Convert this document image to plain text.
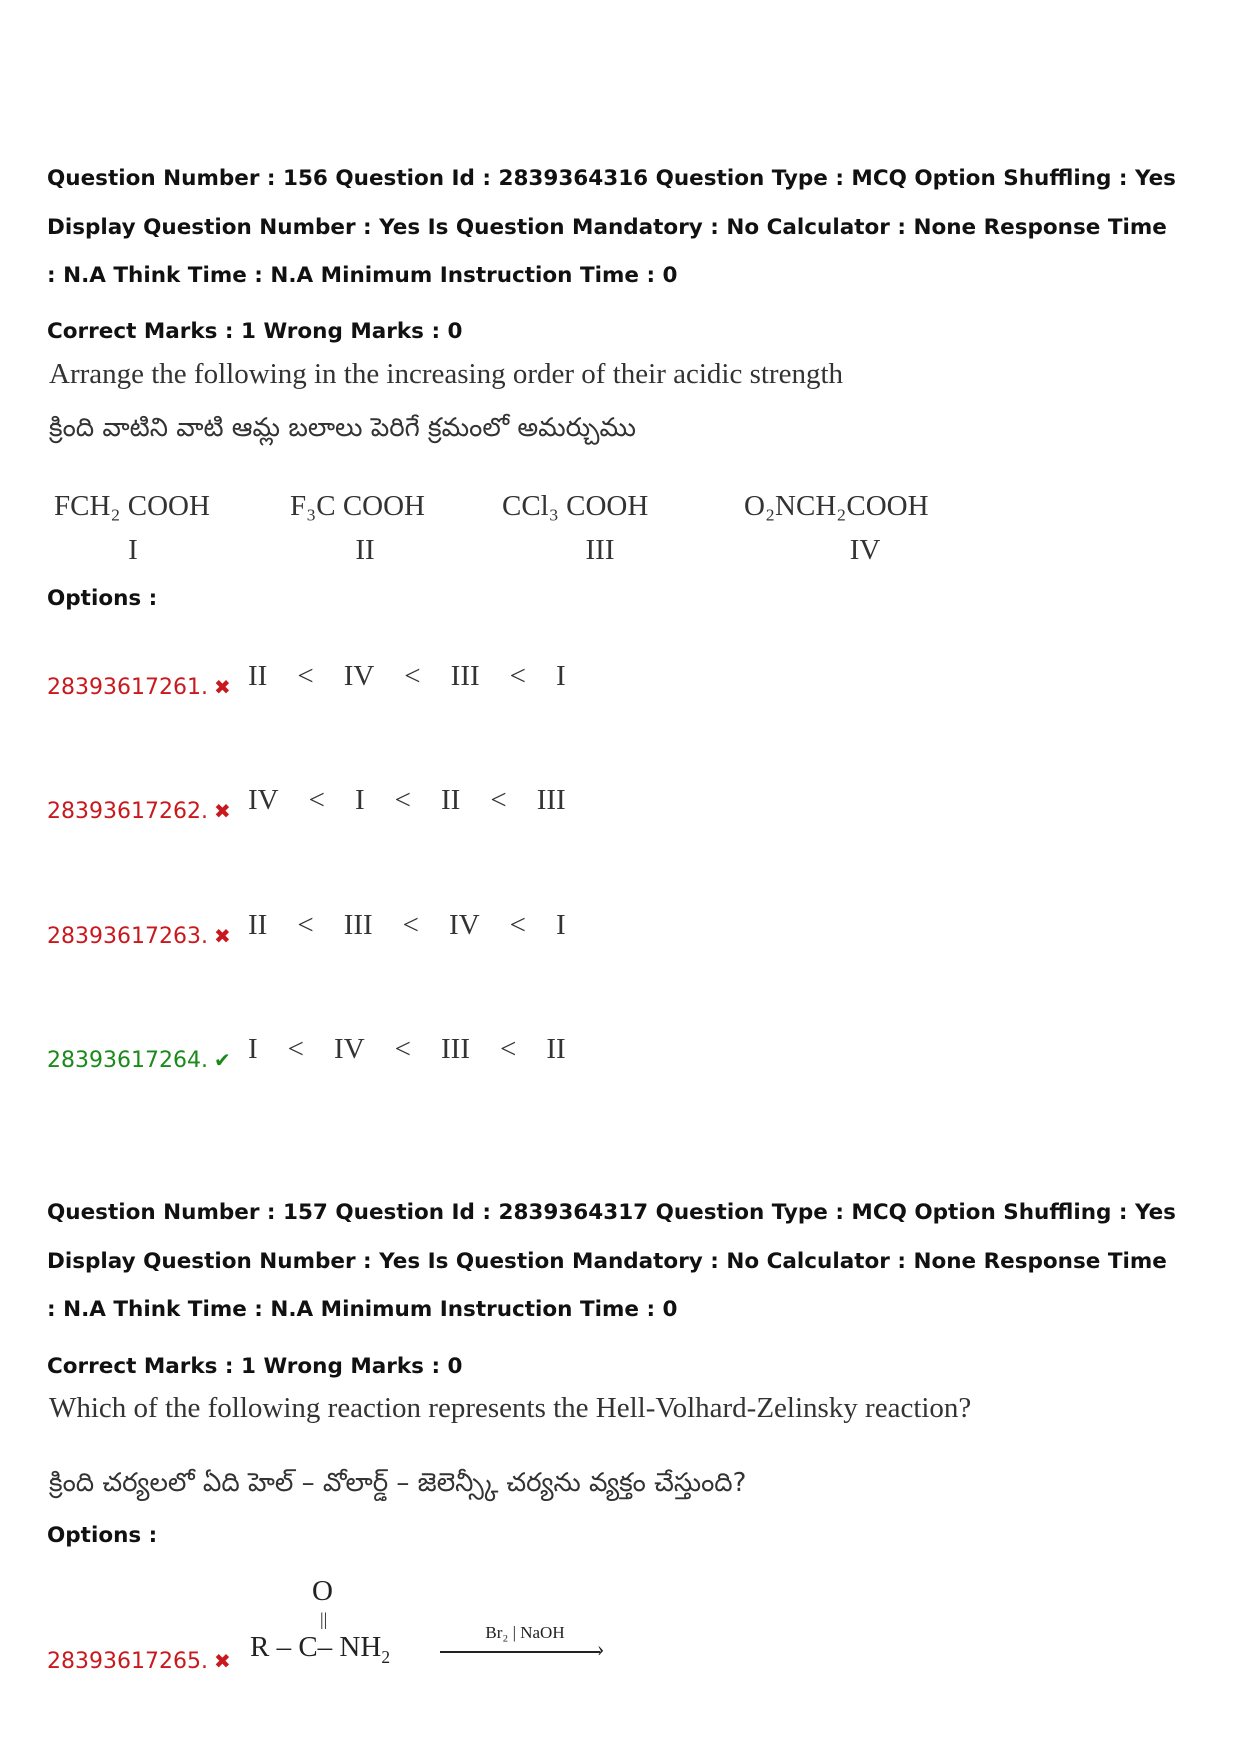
Question Number : 156 Question Id : 2839364316 Question Type : MCQ Option Shuffling : Yes
Display Question Number : Yes Is Question Mandatory : No Calculator : None Response Time
: N.A Think Time : N.A Minimum Instruction Time : 0
Correct Marks : 1 Wrong Marks : 0
Arrange the following in the increasing order of their acidic strength
క్రింది వాటిని వాటి ఆమ్ల బలాలు పెరిగే క్రమంలో అమర్చుము
FCH₂ COOH	F₃C COOH	CCl₃ COOH	O₂NCH₂COOH
I	II	III	IV
Options :
28393617261. ✖ II < IV < III < I
28393617262. ✖ IV < I < II < III
28393617263. ✖ II < III < IV < I
28393617264. ✔ I < IV < III < II
Question Number : 157 Question Id : 2839364317 Question Type : MCQ Option Shuffling : Yes
Display Question Number : Yes Is Question Mandatory : No Calculator : None Response Time
: N.A Think Time : N.A Minimum Instruction Time : 0
Correct Marks : 1 Wrong Marks : 0
Which of the following reaction represents the Hell-Volhard-Zelinsky reaction?
క్రింది చర్యలలో ఏది హెల్ – వోలార్డ్ – జెలెన్స్కీ చర్యను వ్యక్తం చేస్తుంది?
Options :
28393617265. ✖
O
||
R – C– $NH_2$
Br₂ | NaOH
›
